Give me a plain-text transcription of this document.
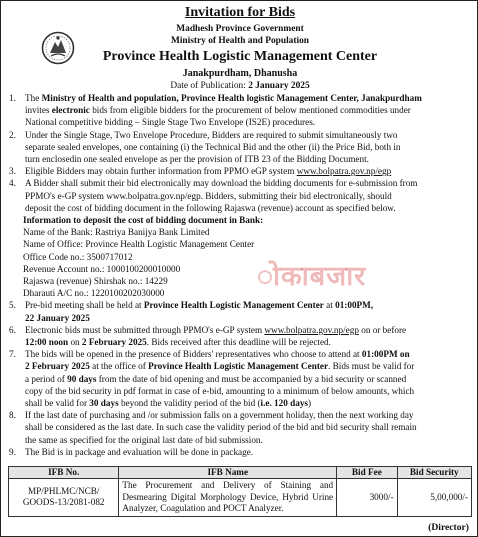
Invitation for Bids
Madhesh Province Government
Ministry of Health and Population
Province Health Logistic Management Center
Janakpurdham, Dhanusha
Date of Publication: 2 January 2025
1. The Ministry of Health and population, Province Health logistic Management Center, Janakpurdham
invites electronic bids from eligible bidders for the procurement of below mentioned commodities under
National competitive bidding – Single Stage Two Envelope (IS2E) procedures.
2. Under the Single Stage, Two Envelope Procedure, Bidders are required to submit simultaneously two
separate sealed envelopes, one containing (i) the Technical Bid and the other (ii) the Price Bid, both in
turn enclosedin one sealed envelope as per the provision of ITB 23 of the Bidding Document.
3. Eligible Bidders may obtain further information from PPMO eGP system www.bolpatra.gov.np/egp
4. A Bidder shall submit their bid electronically may download the bidding documents for e-submission from
PPMO's e-GP system www.bolpatra.gov.np/egp. Bidders, submitting their bid electronically, should
deposit the cost of bidding document in the following Rajaswa (revenue) account as specified below.
Information to deposit the cost of bidding document in Bank:
Name of the Bank: Rastriya Banijya Bank Limited
Name of Office: Province Health Logistic Management Center
Office Code no.: 3500717012
Revenue Account no.: 1000100200010000
Rajaswa (revenue) Shirshak no.: 14229
Dharauti A/C no.: 1220100202030000
5. Pre-bid meeting shall be held at Province Health Logistic Management Center at 01:00PM,
22 January 2025
6. Electronic bids must be submitted through PPMO's e-GP system www.bolpatra.gov.np/egp on or before
12:00 noon on 2 February 2025. Bids received after this deadline will be rejected.
7. The bids will be opened in the presence of Bidders' representatives who choose to attend at 01:00PM on
2 February 2025 at the office of Province Health Logistic Management Center. Bids must be valid for
a period of 90 days from the date of bid opening and must be accompanied by a bid security or scanned
copy of the bid security in pdf format in case of e-bid, amounting to a minimum of below amounts, which
shall be valid for 30 days beyond the validity period of the bid (i.e. 120 days)
8. If the last date of purchasing and /or submission falls on a government holiday, then the next working day
shall be considered as the last date. In such case the validity period of the bid and bid security shall remain
the same as specified for the original last date of bid submission.
9. The Bid is in package and evaluation will be done in package.
ोकाबजार
IFB No.	IFB Name	Bid Fee	Bid Security
MP/PHLMC/NCB/
GOODS-13/2081-082	The Procurement and Delivery of Staining and Desmearing Digital Morphology Device, Hybrid Urine Analyzer, Coagulation and POCT Analyzer.	3000/-	5,00,000/-
(Director)
